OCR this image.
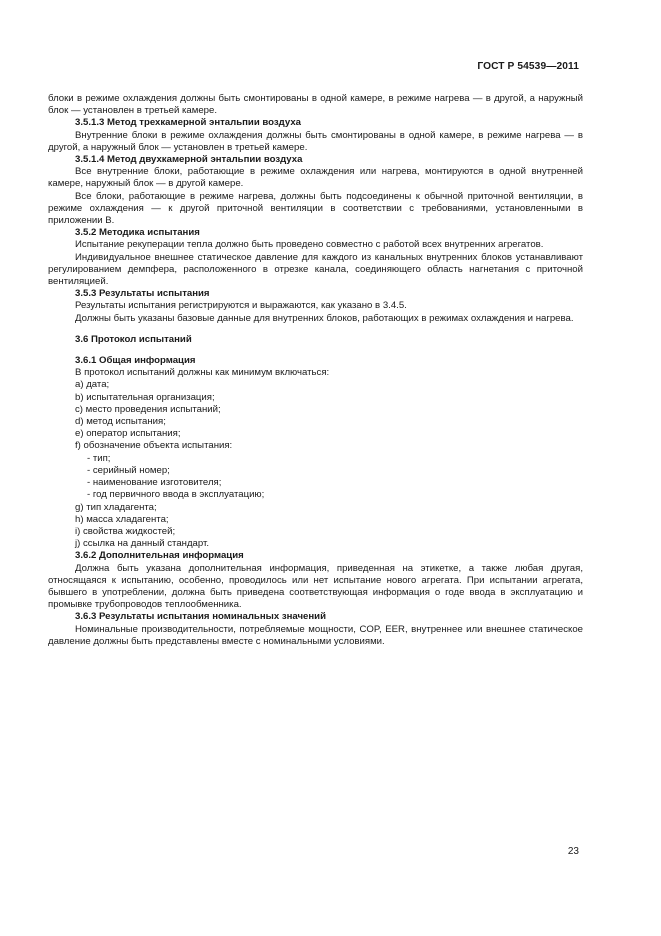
ГОСТ Р 54539—2011

блоки в режиме охлаждения должны быть смонтированы в одной камере, в режиме нагрева — в другой, а наружный блок — установлен в третьей камере.

3.5.1.3 Метод трехкамерной энтальпии воздуха

Внутренние блоки в режиме охлаждения должны быть смонтированы в одной камере, в режиме нагрева — в другой, а наружный блок — установлен в третьей камере.

3.5.1.4 Метод двухкамерной энтальпии воздуха

Все внутренние блоки, работающие в режиме охлаждения или нагрева, монтируются в одной внутренней камере, наружный блок — в другой камере.

Все блоки, работающие в режиме нагрева, должны быть подсоединены к обычной приточной вентиляции, в режиме охлаждения — к другой приточной вентиляции в соответствии с требованиями, установленными в приложении В.

3.5.2 Методика испытания

Испытание рекуперации тепла должно быть проведено совместно с работой всех внутренних агрегатов.

Индивидуальное внешнее статическое давление для каждого из канальных внутренних блоков устанавливают регулированием демпфера, расположенного в отрезке канала, соединяющего область нагнетания с приточной вентиляцией.

3.5.3 Результаты испытания

Результаты испытания регистрируются и выражаются, как указано в 3.4.5.

Должны быть указаны базовые данные для внутренних блоков, работающих в режимах охлаждения и нагрева.

3.6 Протокол испытаний

3.6.1 Общая информация

В протокол испытаний должны как минимум включаться:

a) дата;

b) испытательная организация;

c) место проведения испытаний;

d) метод испытания;

e) оператор испытания;

f) обозначение объекта испытания:

- тип;

- серийный номер;

- наименование изготовителя;

- год первичного ввода в эксплуатацию;

g) тип хладагента;

h) масса хладагента;

i) свойства жидкостей;

j) ссылка на данный стандарт.

3.6.2 Дополнительная информация

Должна быть указана дополнительная информация, приведенная на этикетке, а также любая другая, относящаяся к испытанию, особенно, проводилось или нет испытание нового агрегата. При испытании агрегата, бывшего в употреблении, должна быть приведена соответствующая информация о годе ввода в эксплуатацию и промывке трубопроводов теплообменника.

3.6.3 Результаты испытания номинальных значений

Номинальные производительности, потребляемые мощности, COP, EER, внутреннее или внешнее статическое давление должны быть представлены вместе с номинальными условиями.

23
